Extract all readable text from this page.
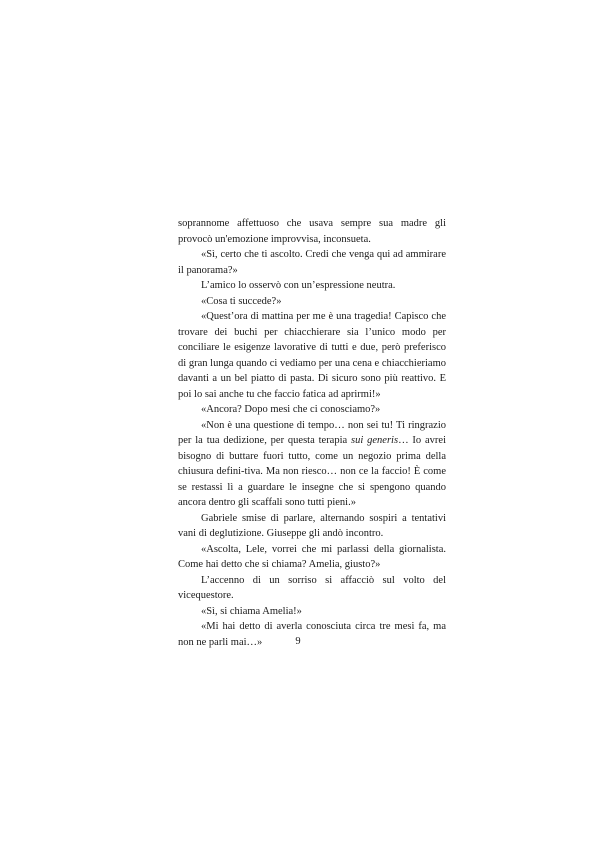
soprannome affettuoso che usava sempre sua madre gli provocò un'emozione improvvisa, inconsueta.

«Sì, certo che ti ascolto. Credi che venga qui ad ammirare il panorama?»

L’amico lo osservò con un’espressione neutra.

«Cosa ti succede?»

«Quest’ora di mattina per me è una tragedia! Capisco che trovare dei buchi per chiacchierare sia l’unico modo per conciliare le esigenze lavorative di tutti e due, però preferisco di gran lunga quando ci vediamo per una cena e chiacchieriamo davanti a un bel piatto di pasta. Di sicuro sono più reattivo. E poi lo sai anche tu che faccio fatica ad aprirmi!»

«Ancora? Dopo mesi che ci conosciamo?»

«Non è una questione di tempo… non sei tu! Ti ringrazio per la tua dedizione, per questa terapia sui generis… Io avrei bisogno di buttare fuori tutto, come un negozio prima della chiusura defini-tiva. Ma non riesco… non ce la faccio! È come se restassi lì a guardare le insegne che si spengono quando ancora dentro gli scaffali sono tutti pieni.»

Gabriele smise di parlare, alternando sospiri a tentativi vani di deglutizione. Giuseppe gli andò incontro.

«Ascolta, Lele, vorrei che mi parlassi della giornalista. Come hai detto che si chiama? Amelia, giusto?»

L’accenno di un sorriso si affacciò sul volto del vicequestore.

«Sì, si chiama Amelia!»

«Mi hai detto di averla conosciuta circa tre mesi fa, ma non ne parli mai…»	9
